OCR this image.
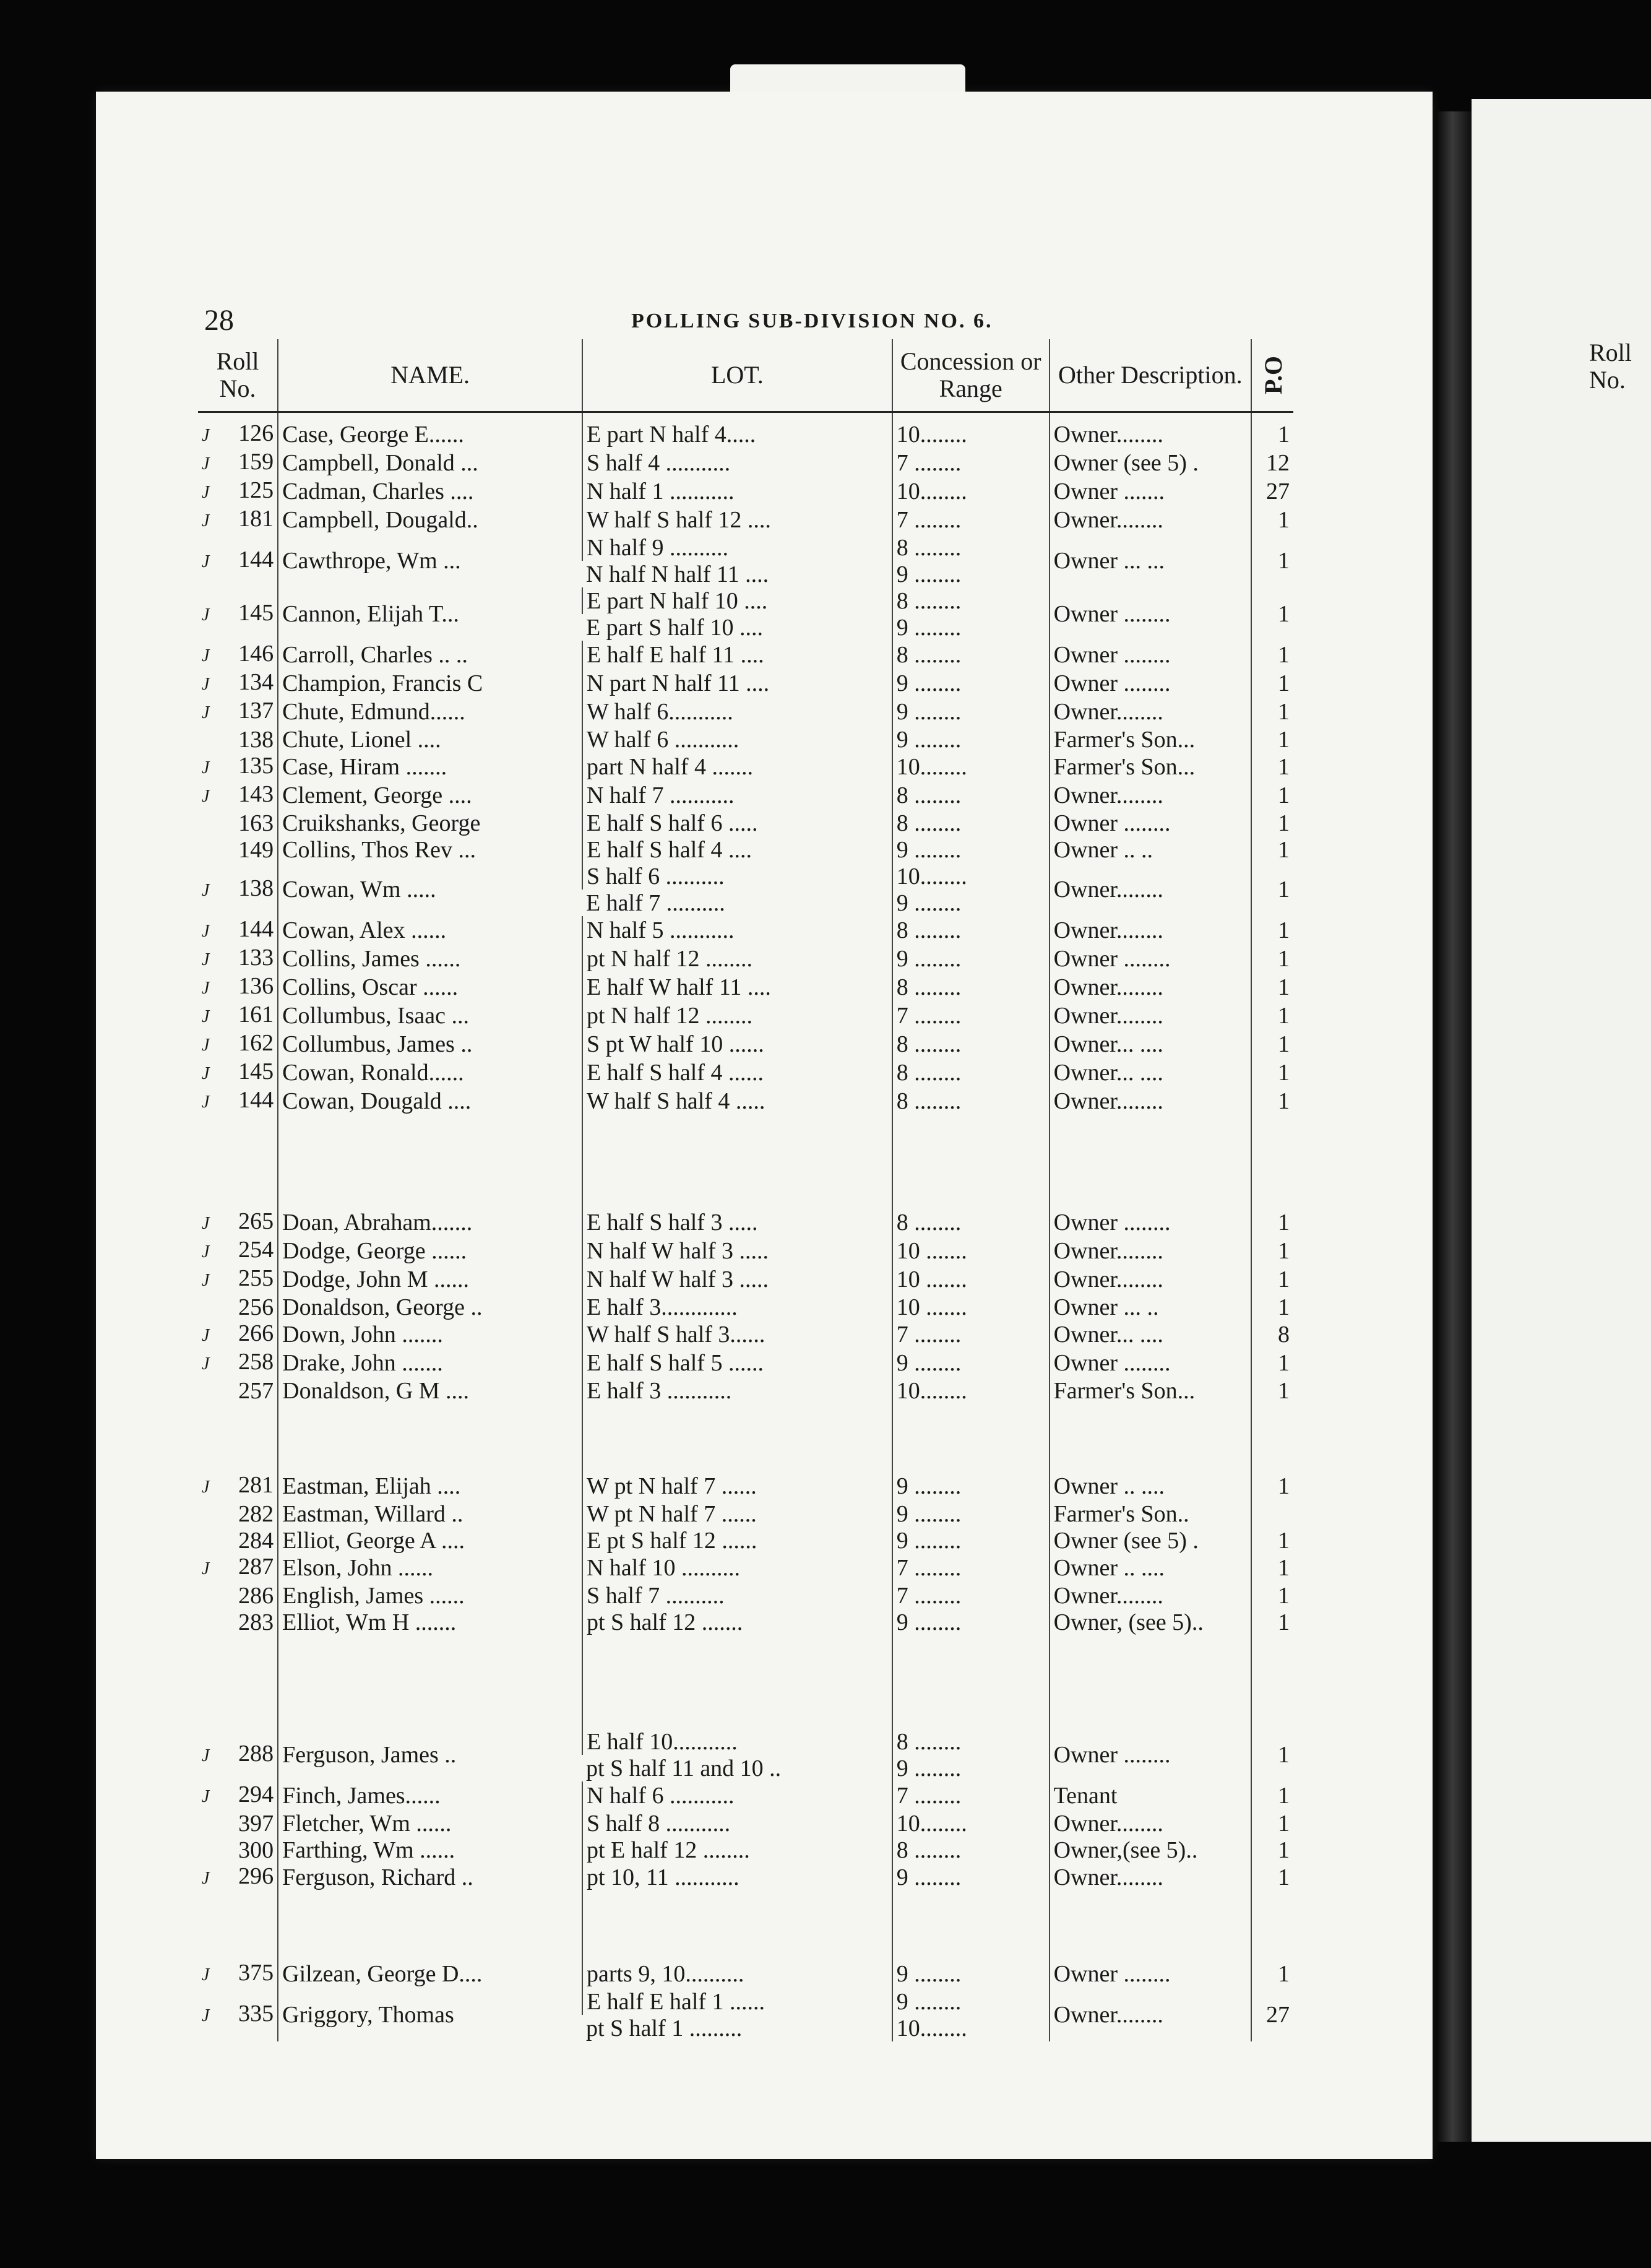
Roll No.
28	POLLING SUB-DIVISION NO. 6.
Roll No.	NAME.	LOT.	Concession or Range	Other Description.	P.O

J 126	Case, George E......	E part N half 4.....	10........	Owner........	1

J 159	Campbell, Donald ...	S half 4 ...........	7 ........	Owner (see 5) .	12

J 125	Cadman, Charles ....	N half 1 ...........	10........	Owner .......	27

J 181	Campbell, Dougald..	W half S half 12 ....	7 ........	Owner........	1

J 144	Cawthrope, Wm ...	N half 9 ..........	8 ........	Owner ... ...	1
		N half N half 11 ....	9 ........		

J 145	Cannon, Elijah T...	E part N half 10 ....	8 ........	Owner ........	1
		E part S half 10 ....	9 ........		

J 146	Carroll, Charles .. ..	E half E half 11 ....	8 ........	Owner ........	1

J 134	Champion, Francis C	N part N half 11 ....	9 ........	Owner ........	1

J 137	Chute, Edmund......	W half 6...........	9 ........	Owner........	1
138	Chute, Lionel ....	W half 6 ...........	9 ........	Farmer's Son...	1

J 135	Case, Hiram .......	part N half 4 .......	10........	Farmer's Son...	1

J 143	Clement, George ....	N half 7 ...........	8 ........	Owner........	1
163	Cruikshanks, George	E half S half 6 .....	8 ........	Owner ........	1
149	Collins, Thos Rev ...	E half S half 4 ....	9 ........	Owner .. ..	1

J 138	Cowan, Wm .....	S half 6 ..........	10........	Owner........	1
		E half 7 ..........	9 ........		

J 144	Cowan, Alex ......	N half 5 ...........	8 ........	Owner........	1

J 133	Collins, James ......	pt N half 12 ........	9 ........	Owner ........	1

J 136	Collins, Oscar ......	E half W half 11 ....	8 ........	Owner........	1

J 161	Collumbus, Isaac ...	pt N half 12 ........	7 ........	Owner........	1

J 162	Collumbus, James ..	S pt W half 10 ......	8 ........	Owner... ....	1

J 145	Cowan, Ronald......	E half S half 4 ......	8 ........	Owner... ....	1

J 144	Cowan, Dougald ....	W half S half 4 .....	8 ........	Owner........	1

J 265	Doan, Abraham.......	E half S half 3 .....	8 ........	Owner ........	1

J 254	Dodge, George ......	N half W half 3 .....	10 .......	Owner........	1

J 255	Dodge, John M ......	N half W half 3 .....	10 .......	Owner........	1
256	Donaldson, George ..	E half 3.............	10 .......	Owner ... ..	1

J 266	Down, John .......	W half S half 3......	7 ........	Owner... ....	8

J 258	Drake, John .......	E half S half 5 ......	9 ........	Owner ........	1
257	Donaldson, G M ....	E half 3 ...........	10........	Farmer's Son...	1

J 281	Eastman, Elijah ....	W pt N half 7 ......	9 ........	Owner .. ....	1
282	Eastman, Willard ..	W pt N half 7 ......	9 ........	Farmer's Son..	
284	Elliot, George A ....	E pt S half 12 ......	9 ........	Owner (see 5) .	1

J 287	Elson, John ......	N half 10 ..........	7 ........	Owner .. ....	1
286	English, James ......	S half 7 ..........	7 ........	Owner........	1
283	Elliot, Wm H .......	pt S half 12 .......	9 ........	Owner, (see 5)..	1

J 288	Ferguson, James ..	E half 10...........	8 ........	Owner ........	1
		pt S half 11 and 10 ..	9 ........		

J 294	Finch, James......	N half 6 ...........	7 ........	Tenant	1
397	Fletcher, Wm ......	S half 8 ...........	10........	Owner........	1
300	Farthing, Wm ......	pt E half 12 ........	8 ........	Owner,(see 5)..	1

J 296	Ferguson, Richard ..	pt 10, 11 ...........	9 ........	Owner........	1

J 375	Gilzean, George D....	parts 9, 10..........	9 ........	Owner ........	1

J 335	Griggory, Thomas	E half E half 1 ......	9 ........	Owner........	27
		pt S half 1 .........	10........		
